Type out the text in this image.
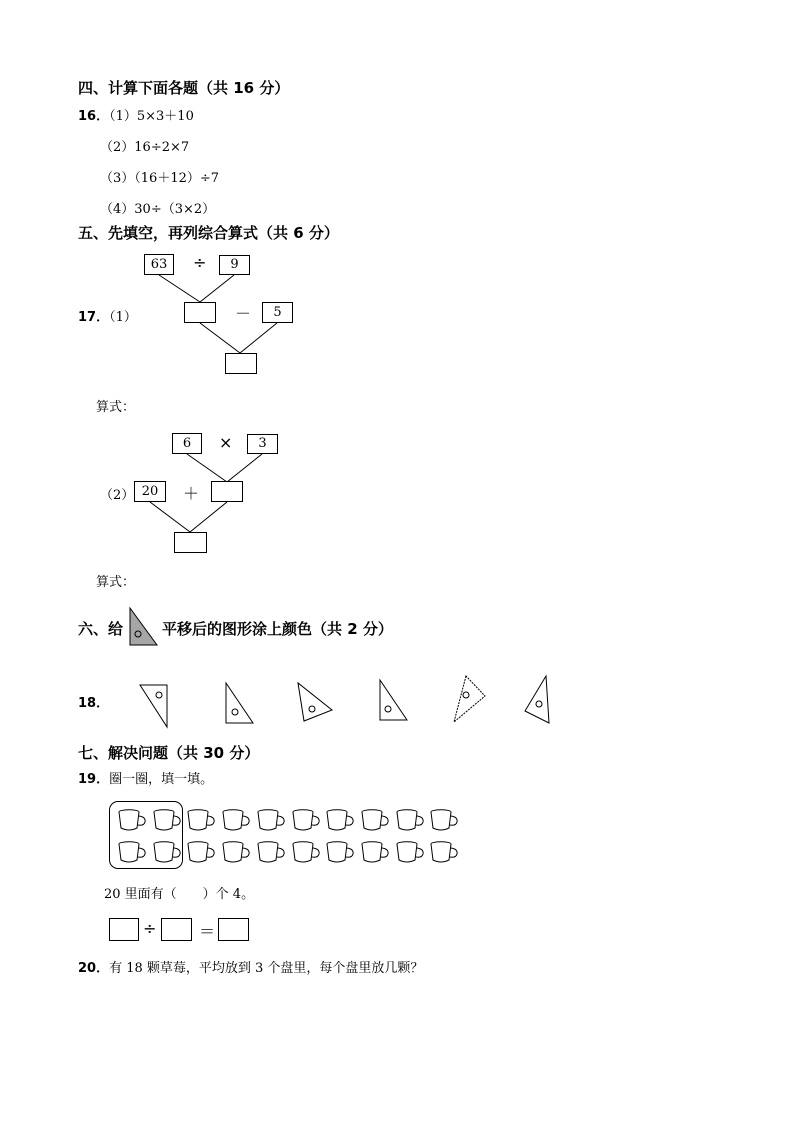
四、计算下面各题（共 16 分）
16．（1）5×3＋10
（2）16÷2×7
（3）（16＋12）÷7
（4）30÷（3×2）
五、先填空，再列综合算式（共 6 分）
63	÷	9
17．（1）	－	5
算式：
6	×	3
（2） 20	＋
算式：
六、给	平移后的图形涂上颜色（共 2 分）
18．
七、解决问题（共 30 分）
19．圈一圈，填一填。
20 里面有（　　）个 4。
÷	＝
20．有 18 颗草莓，平均放到 3 个盘里，每个盘里放几颗？
